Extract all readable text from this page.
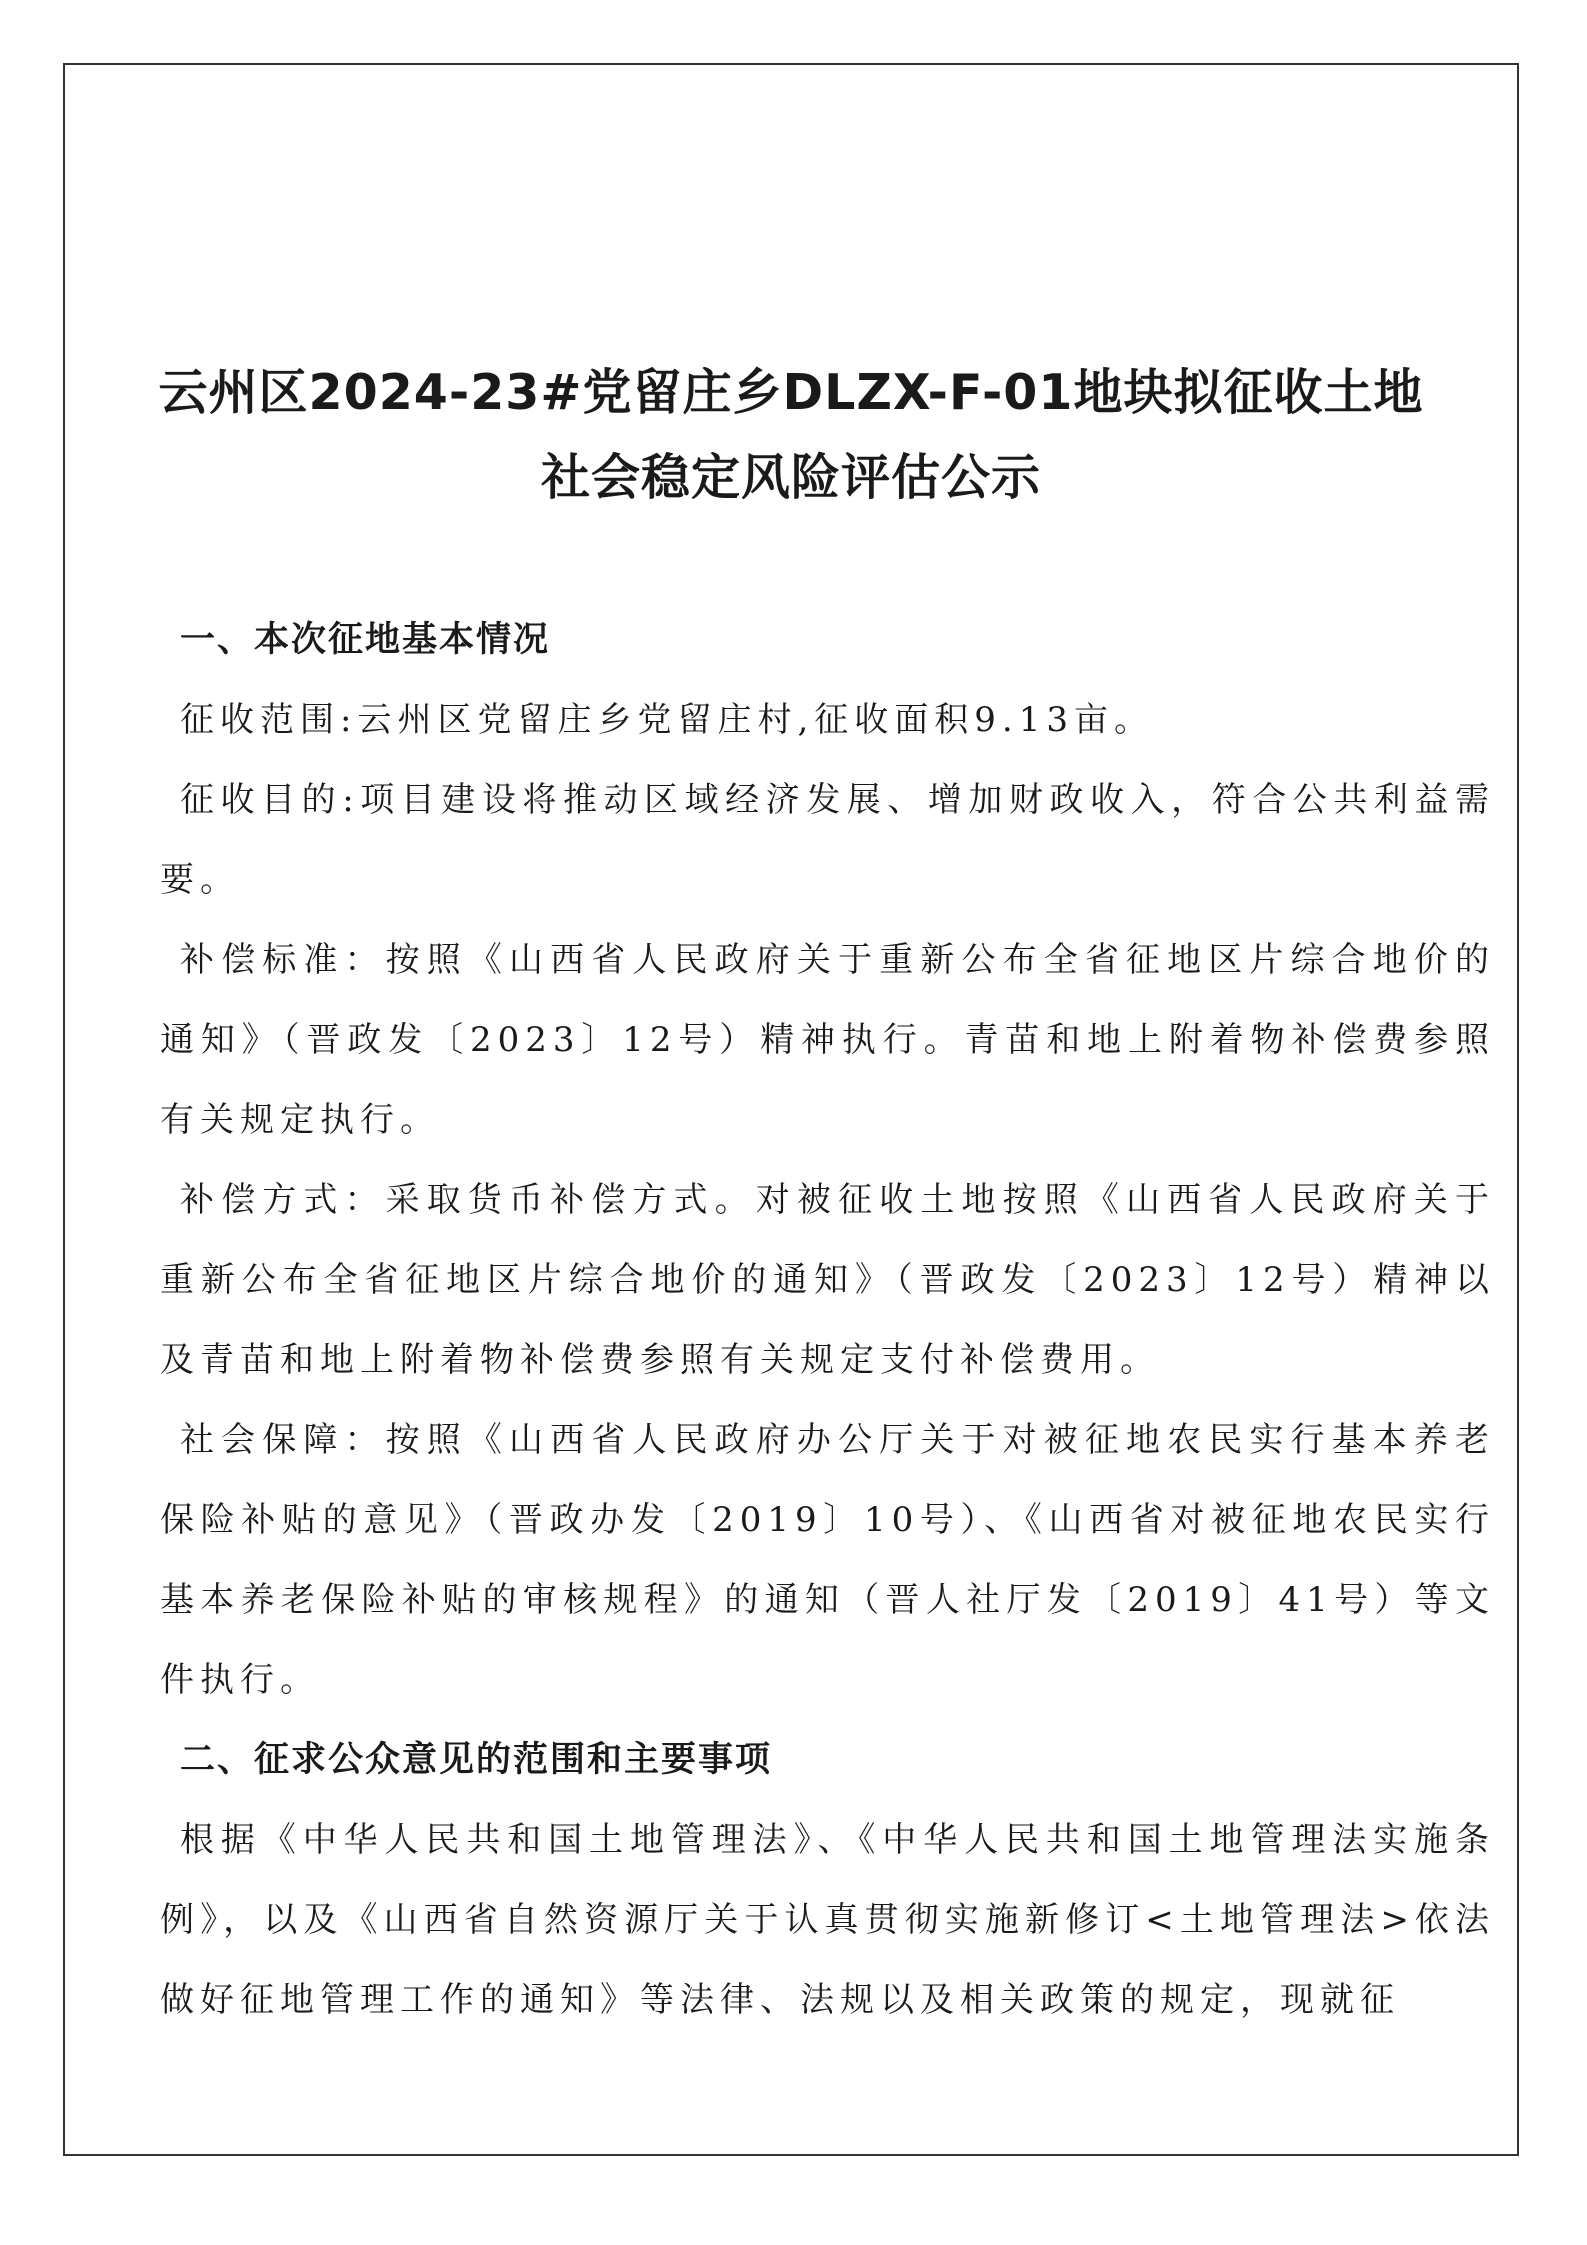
云州区2024-23#党留庄乡DLZX-F-01地块拟征收土地
社会稳定风险评估公示
一、本次征地基本情况

征收范围:云州区党留庄乡党留庄村,征收面积9.13亩。

征收目的:项目建设将推动区域经济发展、增加财政收入，符合公共利益需要。

补偿标准：按照《山西省人民政府关于重新公布全省征地区片综合地价的通知》（晋政发〔2023〕12号）精神执行。青苗和地上附着物补偿费参照有关规定执行。

补偿方式：采取货币补偿方式。对被征收土地按照《山西省人民政府关于重新公布全省征地区片综合地价的通知》（晋政发〔2023〕12号）精神以及青苗和地上附着物补偿费参照有关规定支付补偿费用。

社会保障：按照《山西省人民政府办公厅关于对被征地农民实行基本养老保险补贴的意见》（晋政办发〔2019〕10号）、《山西省对被征地农民实行基本养老保险补贴的审核规程》的通知（晋人社厅发〔2019〕41号）等文件执行。

二、征求公众意见的范围和主要事项

根据《中华人民共和国土地管理法》、《中华人民共和国土地管理法实施条例》，以及《山西省自然资源厅关于认真贯彻实施新修订<土地管理法>依法做好征地管理工作的通知》等法律、法规以及相关政策的规定，现就征
